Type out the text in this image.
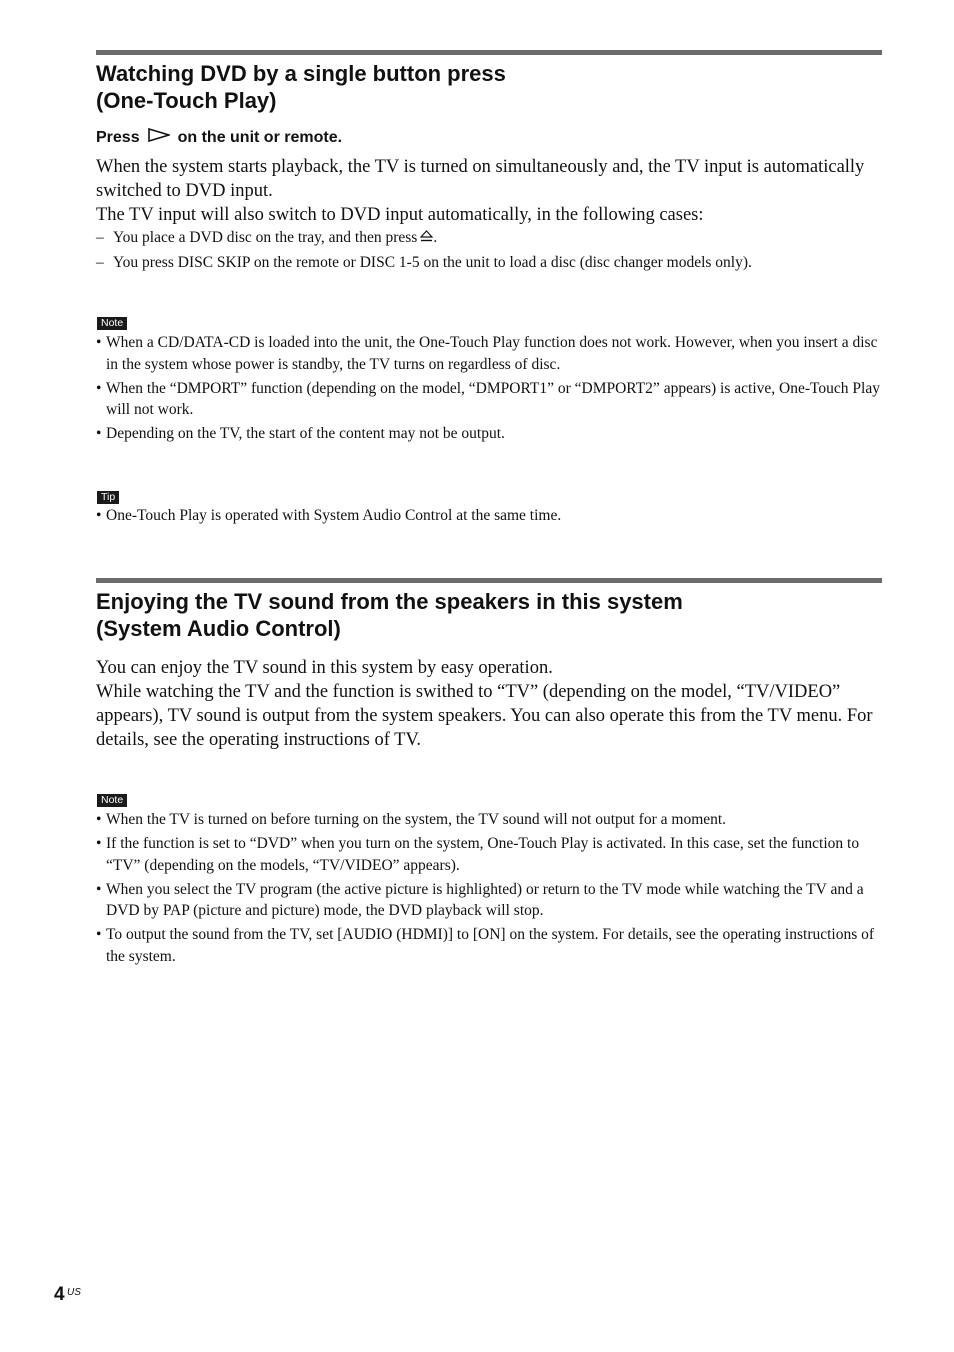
Watching DVD by a single button press
(One-Touch Play)

Press on the unit or remote.

When the system starts playback, the TV is turned on simultaneously and, the TV input is automatically switched to DVD input.

The TV input will also switch to DVD input automatically, in the following cases:

– You place a DVD disc on the tray, and then press .
– You press DISC SKIP on the remote or DISC 1-5 on the unit to load a disc (disc changer models only).
Note
• When a CD/DATA-CD is loaded into the unit, the One-Touch Play function does not work. However, when you insert a disc in the system whose power is standby, the TV turns on regardless of disc.
• When the “DMPORT” function (depending on the model, “DMPORT1” or “DMPORT2” appears) is active, One-Touch Play will not work.
• Depending on the TV, the start of the content may not be output.
Tip
• One-Touch Play is operated with System Audio Control at the same time.
Enjoying the TV sound from the speakers in this system
(System Audio Control)

You can enjoy the TV sound in this system by easy operation.

While watching the TV and the function is swithed to “TV” (depending on the model, “TV/VIDEO” appears), TV sound is output from the system speakers. You can also operate this from the TV menu. For details, see the operating instructions of TV.

Note
• When the TV is turned on before turning on the system, the TV sound will not output for a moment.
• If the function is set to “DVD” when you turn on the system, One-Touch Play is activated. In this case, set the function to “TV” (depending on the models, “TV/VIDEO” appears).
• When you select the TV program (the active picture is highlighted) or return to the TV mode while watching the TV and a DVD by PAP (picture and picture) mode, the DVD playback will stop.
• To output the sound from the TV, set [AUDIO (HDMI)] to [ON] on the system. For details, see the operating instructions of the system.
4 US
